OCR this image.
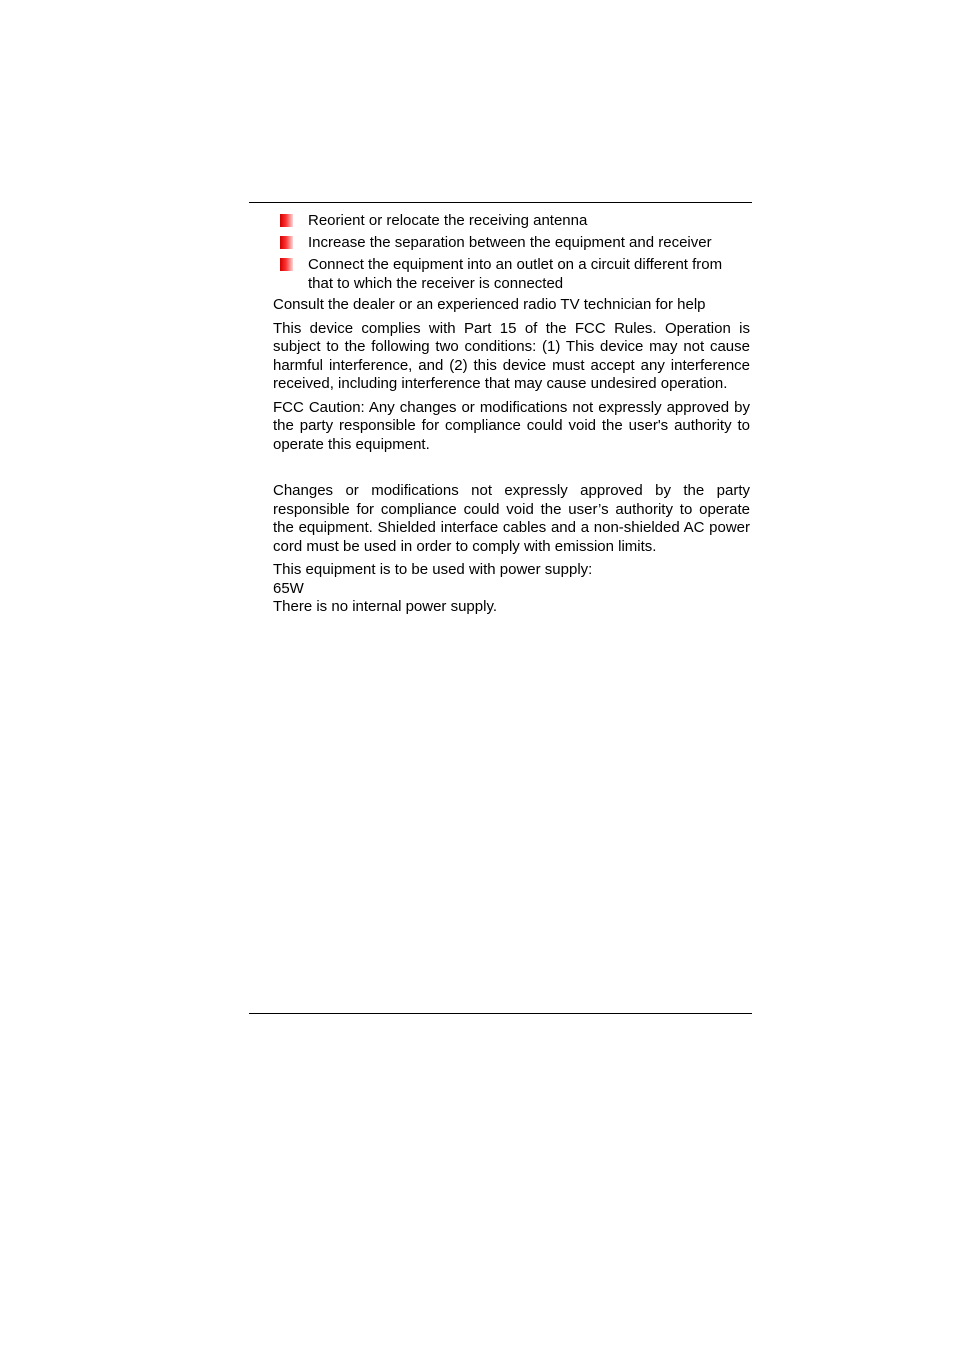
Reorient or relocate the receiving antenna
Increase the separation between the equipment and receiver
Connect the equipment into an outlet on a circuit different from that to which the receiver is connected

Consult the dealer or an experienced radio TV technician for help

This device complies with Part 15 of the FCC Rules. Operation is subject to the following two conditions: (1) This device may not cause harmful interference, and (2) this device must accept any interference received, including interference that may cause undesired operation.

FCC Caution: Any changes or modifications not expressly approved by the party responsible for compliance could void the user's authority to operate this equipment.

Changes or modifications not expressly approved by the party responsible for compliance could void the user’s authority to operate the equipment. Shielded interface cables and a non-shielded AC power cord must be used in order to comply with emission limits.

This equipment is to be used with power supply:
65W
There is no internal power supply.
